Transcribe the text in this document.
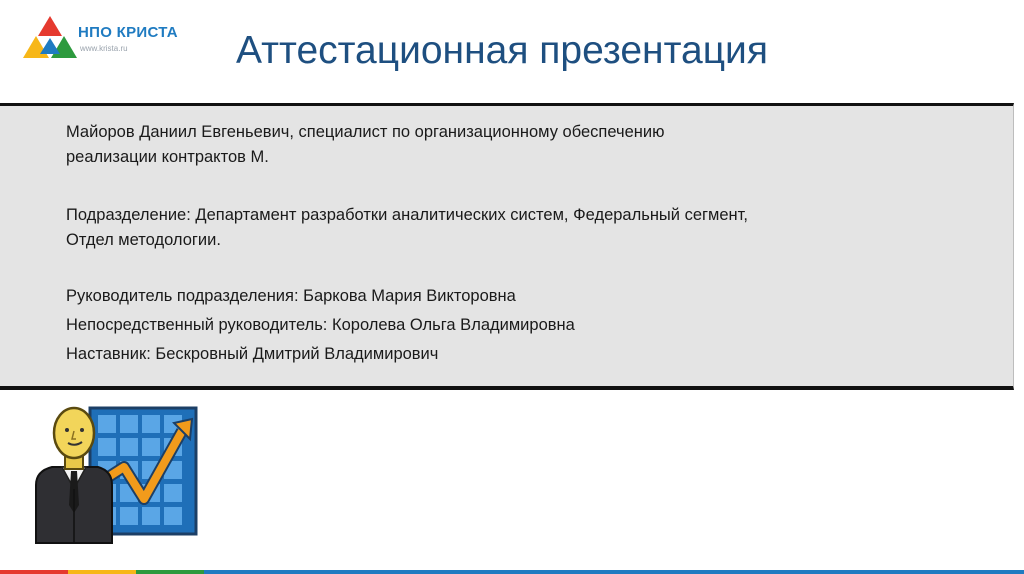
НПО КРИСТА
www.krista.ru	Аттестационная презентация
Майоров Даниил Евгеньевич, специалист по организационному обеспечению
реализации контрактов М.
Подразделение: Департамент разработки аналитических систем, Федеральный сегмент,
Отдел методологии.
Руководитель подразделения: Баркова Мария Викторовна
Непосредственный руководитель: Королева Ольга Владимировна
Наставник: Бескровный Дмитрий Владимирович
